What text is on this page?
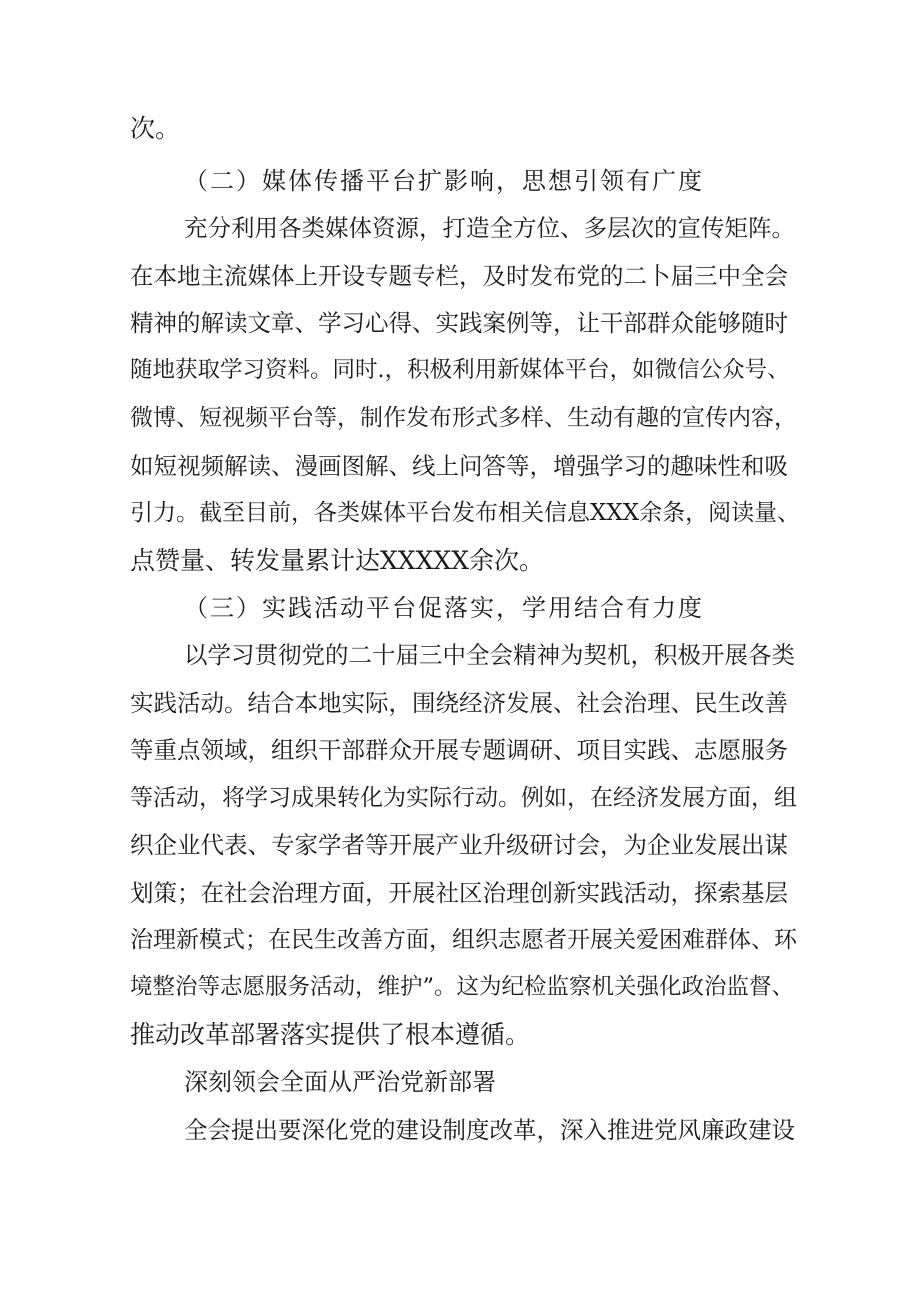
次。

（二）媒体传播平台扩影响，思想引领有广度

充分利用各类媒体资源，打造全方位、多层次的宣传矩阵。

在本地主流媒体上开设专题专栏，及时发布党的二卜届三中全会

精神的解读文章、学习心得、实践案例等，让干部群众能够随时

随地获取学习资料。同时.，积极利用新媒体平台，如微信公众号、

微博、短视频平台等，制作发布形式多样、生动有趣的宣传内容，

如短视频解读、漫画图解、线上问答等，增强学习的趣味性和吸

引力。截至目前，各类媒体平台发布相关信息XXX余条，阅读量、

点赞量、转发量累计达XXXXX余次。

（三）实践活动平台促落实，学用结合有力度

以学习贯彻党的二十届三中全会精神为契机，积极开展各类

实践活动。结合本地实际，围绕经济发展、社会治理、民生改善

等重点领域，组织干部群众开展专题调研、项目实践、志愿服务

等活动，将学习成果转化为实际行动。例如，在经济发展方面，组

织企业代表、专家学者等开展产业升级研讨会，为企业发展出谋

划策；在社会治理方面，开展社区治理创新实践活动，探索基层

治理新模式；在民生改善方面，组织志愿者开展关爱困难群体、环

境整治等志愿服务活动，维护”。这为纪检监察机关强化政治监督、

推动改革部署落实提供了根本遵循。

深刻领会全面从严治党新部署

全会提出要深化党的建设制度改革，深入推进党风廉政建设
